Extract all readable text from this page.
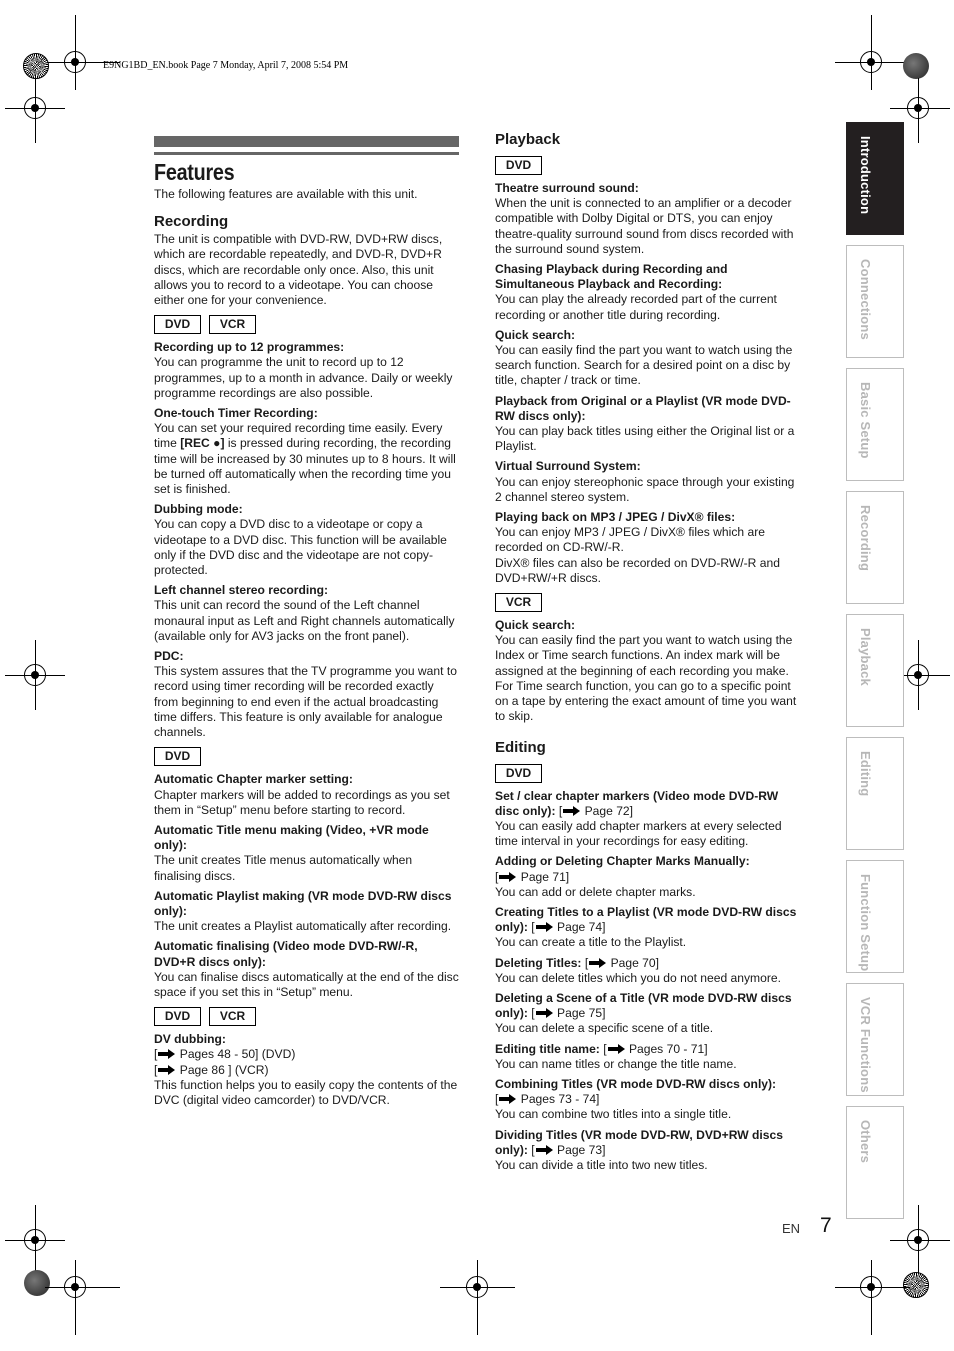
E9NG1BD_EN.book Page 7 Monday, April 7, 2008 5:54 PM
Features
The following features are available with this unit.
Recording
The unit is compatible with DVD-RW, DVD+RW discs, which are recordable repeatedly, and DVD-R, DVD+R discs, which are recordable only once. Also, this unit allows you to record to a videotape. You can choose either one for your convenience.
DVD	VCR
Recording up to 12 programmes:
You can programme the unit to record up to 12 programmes, up to a month in advance. Daily or weekly programme recordings are also possible.
One-touch Timer Recording:
You can set your required recording time easily. Every time [REC ●] is pressed during recording, the recording time will be increased by 30 minutes up to 8 hours. It will be turned off automatically when the recording time you set is finished.
Dubbing mode:
You can copy a DVD disc to a videotape or copy a videotape to a DVD disc. This function will be available only if the DVD disc and the videotape are not copy-protected.
Left channel stereo recording:
This unit can record the sound of the Left channel monaural input as Left and Right channels automatically (available only for AV3 jacks on the front panel).
PDC:
This system assures that the TV programme you want to record using timer recording will be recorded exactly from beginning to end even if the actual broadcasting time differs. This feature is only available for analogue channels.
DVD
Automatic Chapter marker setting:
Chapter markers will be added to recordings as you set them in “Setup” menu before starting to record.
Automatic Title menu making (Video, +VR mode only):
The unit creates Title menus automatically when finalising discs.
Automatic Playlist making (VR mode DVD-RW discs only):
The unit creates a Playlist automatically after recording.
Automatic finalising (Video mode DVD-RW/-R, DVD+R discs only):
You can finalise discs automatically at the end of the disc space if you set this in “Setup” menu.
DVD	VCR
DV dubbing:
[ Pages 48 - 50] (DVD)
[ Page 86 ] (VCR)
This function helps you to easily copy the contents of the DVC (digital video camcorder) to DVD/VCR.
Playback
DVD
Theatre surround sound:
When the unit is connected to an amplifier or a decoder compatible with Dolby Digital or DTS, you can enjoy theatre-quality surround sound from discs recorded with the surround sound system.
Chasing Playback during Recording and Simultaneous Playback and Recording:
You can play the already recorded part of the current recording or another title during recording.
Quick search:
You can easily find the part you want to watch using the search function. Search for a desired point on a disc by title, chapter / track or time.
Playback from Original or a Playlist (VR mode DVD-RW discs only):
You can play back titles using either the Original list or a Playlist.
Virtual Surround System:
You can enjoy stereophonic space through your existing 2 channel stereo system.
Playing back on MP3 / JPEG / DivX® files:
You can enjoy MP3 / JPEG / DivX® files which are recorded on CD-RW/-R.
DivX® files can also be recorded on DVD-RW/-R and DVD+RW/+R discs.
VCR
Quick search:
You can easily find the part you want to watch using the Index or Time search functions. An index mark will be assigned at the beginning of each recording you make. For Time search function, you can go to a specific point on a tape by entering the exact amount of time you want to skip.
Editing
DVD
Set / clear chapter markers (Video mode DVD-RW disc only): [ Page 72]
You can easily add chapter markers at every selected time interval in your recordings for easy editing.
Adding or Deleting Chapter Marks Manually:
[ Page 71]
You can add or delete chapter marks.
Creating Titles to a Playlist (VR mode DVD-RW discs only): [ Page 74]
You can create a title to the Playlist.
Deleting Titles: [ Page 70]
You can delete titles which you do not need anymore.
Deleting a Scene of a Title (VR mode DVD-RW discs only): [ Page 75]
You can delete a specific scene of a title.
Editing title name: [ Pages 70 - 71]
You can name titles or change the title name.
Combining Titles (VR mode DVD-RW discs only):
[ Pages 73 - 74]
You can combine two titles into a single title.
Dividing Titles (VR mode DVD-RW, DVD+RW discs only): [ Page 73]
You can divide a title into two new titles.
Introduction
Connections
Basic Setup
Recording
Playback
Editing
Function Setup
VCR Functions
Others
EN 7
